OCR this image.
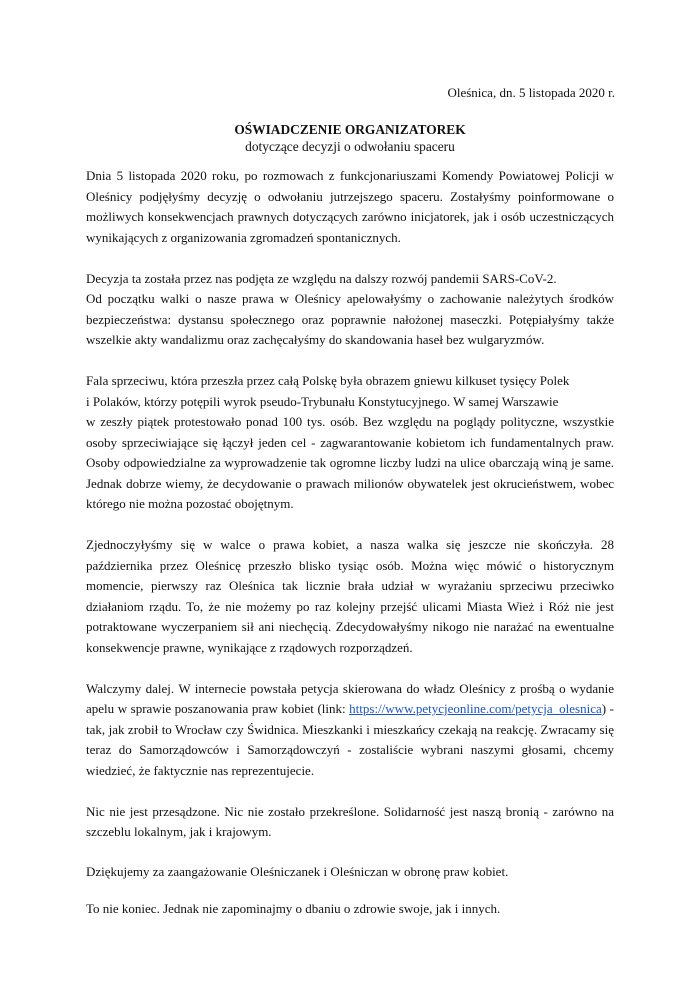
Oleśnica, dn. 5 listopada 2020 r.
OŚWIADCZENIE ORGANIZATOREK
dotyczące decyzji o odwołaniu spaceru

Dnia 5 listopada 2020 roku, po rozmowach z funkcjonariuszami Komendy Powiatowej Policji w Oleśnicy podjęłyśmy decyzję o odwołaniu jutrzejszego spaceru. Zostałyśmy poinformowane o możliwych konsekwencjach prawnych dotyczących zarówno inicjatorek, jak i osób uczestniczących wynikających z organizowania zgromadzeń spontanicznych.

Decyzja ta została przez nas podjęta ze względu na dalszy rozwój pandemii SARS-CoV-2.
Od początku walki o nasze prawa w Oleśnicy apelowałyśmy o zachowanie należytych środków bezpieczeństwa: dystansu społecznego oraz poprawnie nałożonej maseczki. Potępiałyśmy także wszelkie akty wandalizmu oraz zachęcałyśmy do skandowania haseł bez wulgaryzmów.

Fala sprzeciwu, która przeszła przez całą Polskę była obrazem gniewu kilkuset tysięcy Polek
i Polaków, którzy potępili wyrok pseudo-Trybunału Konstytucyjnego. W samej Warszawie
w zeszły piątek protestowało ponad 100 tys. osób. Bez względu na poglądy polityczne, wszystkie osoby sprzeciwiające się łączył jeden cel - zagwarantowanie kobietom ich fundamentalnych praw. Osoby odpowiedzialne za wyprowadzenie tak ogromne liczby ludzi na ulice obarczają winą je same. Jednak dobrze wiemy, że decydowanie o prawach milionów obywatelek jest okrucieństwem, wobec którego nie można pozostać obojętnym.

Zjednoczyłyśmy się w walce o prawa kobiet, a nasza walka się jeszcze nie skończyła. 28 października przez Oleśnicę przeszło blisko tysiąc osób. Można więc mówić o historycznym momencie, pierwszy raz Oleśnica tak licznie brała udział w wyrażaniu sprzeciwu przeciwko działaniom rządu. To, że nie możemy po raz kolejny przejść ulicami Miasta Wież i Róż nie jest potraktowane wyczerpaniem sił ani niechęcią. Zdecydowałyśmy nikogo nie narażać na ewentualne konsekwencje prawne, wynikające z rządowych rozporządzeń.

Walczymy dalej. W internecie powstała petycja skierowana do władz Oleśnicy z prośbą o wydanie apelu w sprawie poszanowania praw kobiet (link: https://www.petycjeonline.com/petycja_olesnica) - tak, jak zrobił to Wrocław czy Świdnica. Mieszkanki i mieszkańcy czekają na reakcję. Zwracamy się teraz do Samorządowców i Samorządowczyń - zostaliście wybrani naszymi głosami, chcemy wiedzieć, że faktycznie nas reprezentujecie.

Nic nie jest przesądzone. Nic nie zostało przekreślone. Solidarność jest naszą bronią - zarówno na szczeblu lokalnym, jak i krajowym.

Dziękujemy za zaangażowanie Oleśniczanek i Oleśniczan w obronę praw kobiet.

To nie koniec. Jednak nie zapominajmy o dbaniu o zdrowie swoje, jak i innych.
